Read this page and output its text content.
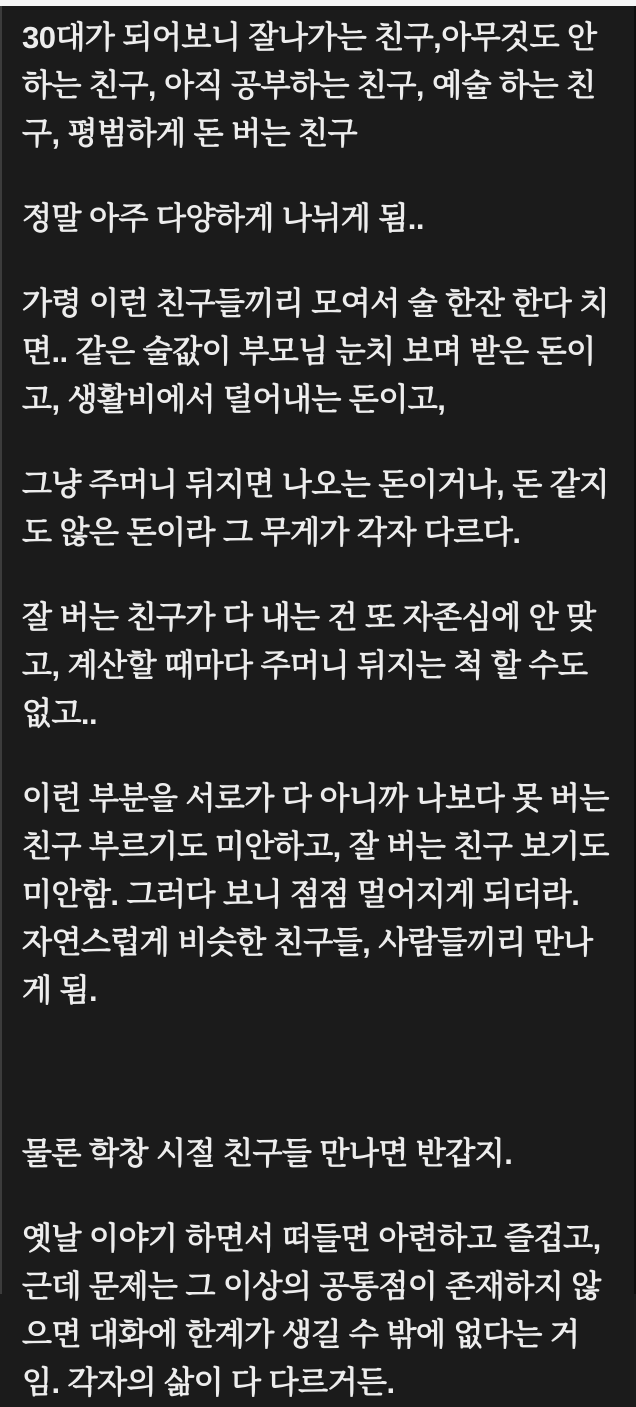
30대가 되어보니 잘나가는 친구,아무것도 안 하는 친구, 아직 공부하는 친구, 예술 하는 친구, 평범하게 돈 버는 친구

정말 아주 다양하게 나뉘게 됨..

가령 이런 친구들끼리 모여서 술 한잔 한다 치면.. 같은 술값이 부모님 눈치 보며 받은 돈이고, 생활비에서 덜어내는 돈이고,

그냥 주머니 뒤지면 나오는 돈이거나, 돈 같지도 않은 돈이라 그 무게가 각자 다르다.

잘 버는 친구가 다 내는 건 또 자존심에 안 맞고, 계산할 때마다 주머니 뒤지는 척 할 수도 없고..

이런 부분을 서로가 다 아니까 나보다 못 버는 친구 부르기도 미안하고, 잘 버는 친구 보기도 미안함. 그러다 보니 점점 멀어지게 되더라. 자연스럽게 비슷한 친구들, 사람들끼리 만나게 됨.

물론 학창 시절 친구들 만나면 반갑지.

옛날 이야기 하면서 떠들면 아련하고 즐겁고, 근데 문제는 그 이상의 공통점이 존재하지 않으면 대화에 한계가 생길 수 밖에 없다는 거임. 각자의 삶이 다 다르거든.
